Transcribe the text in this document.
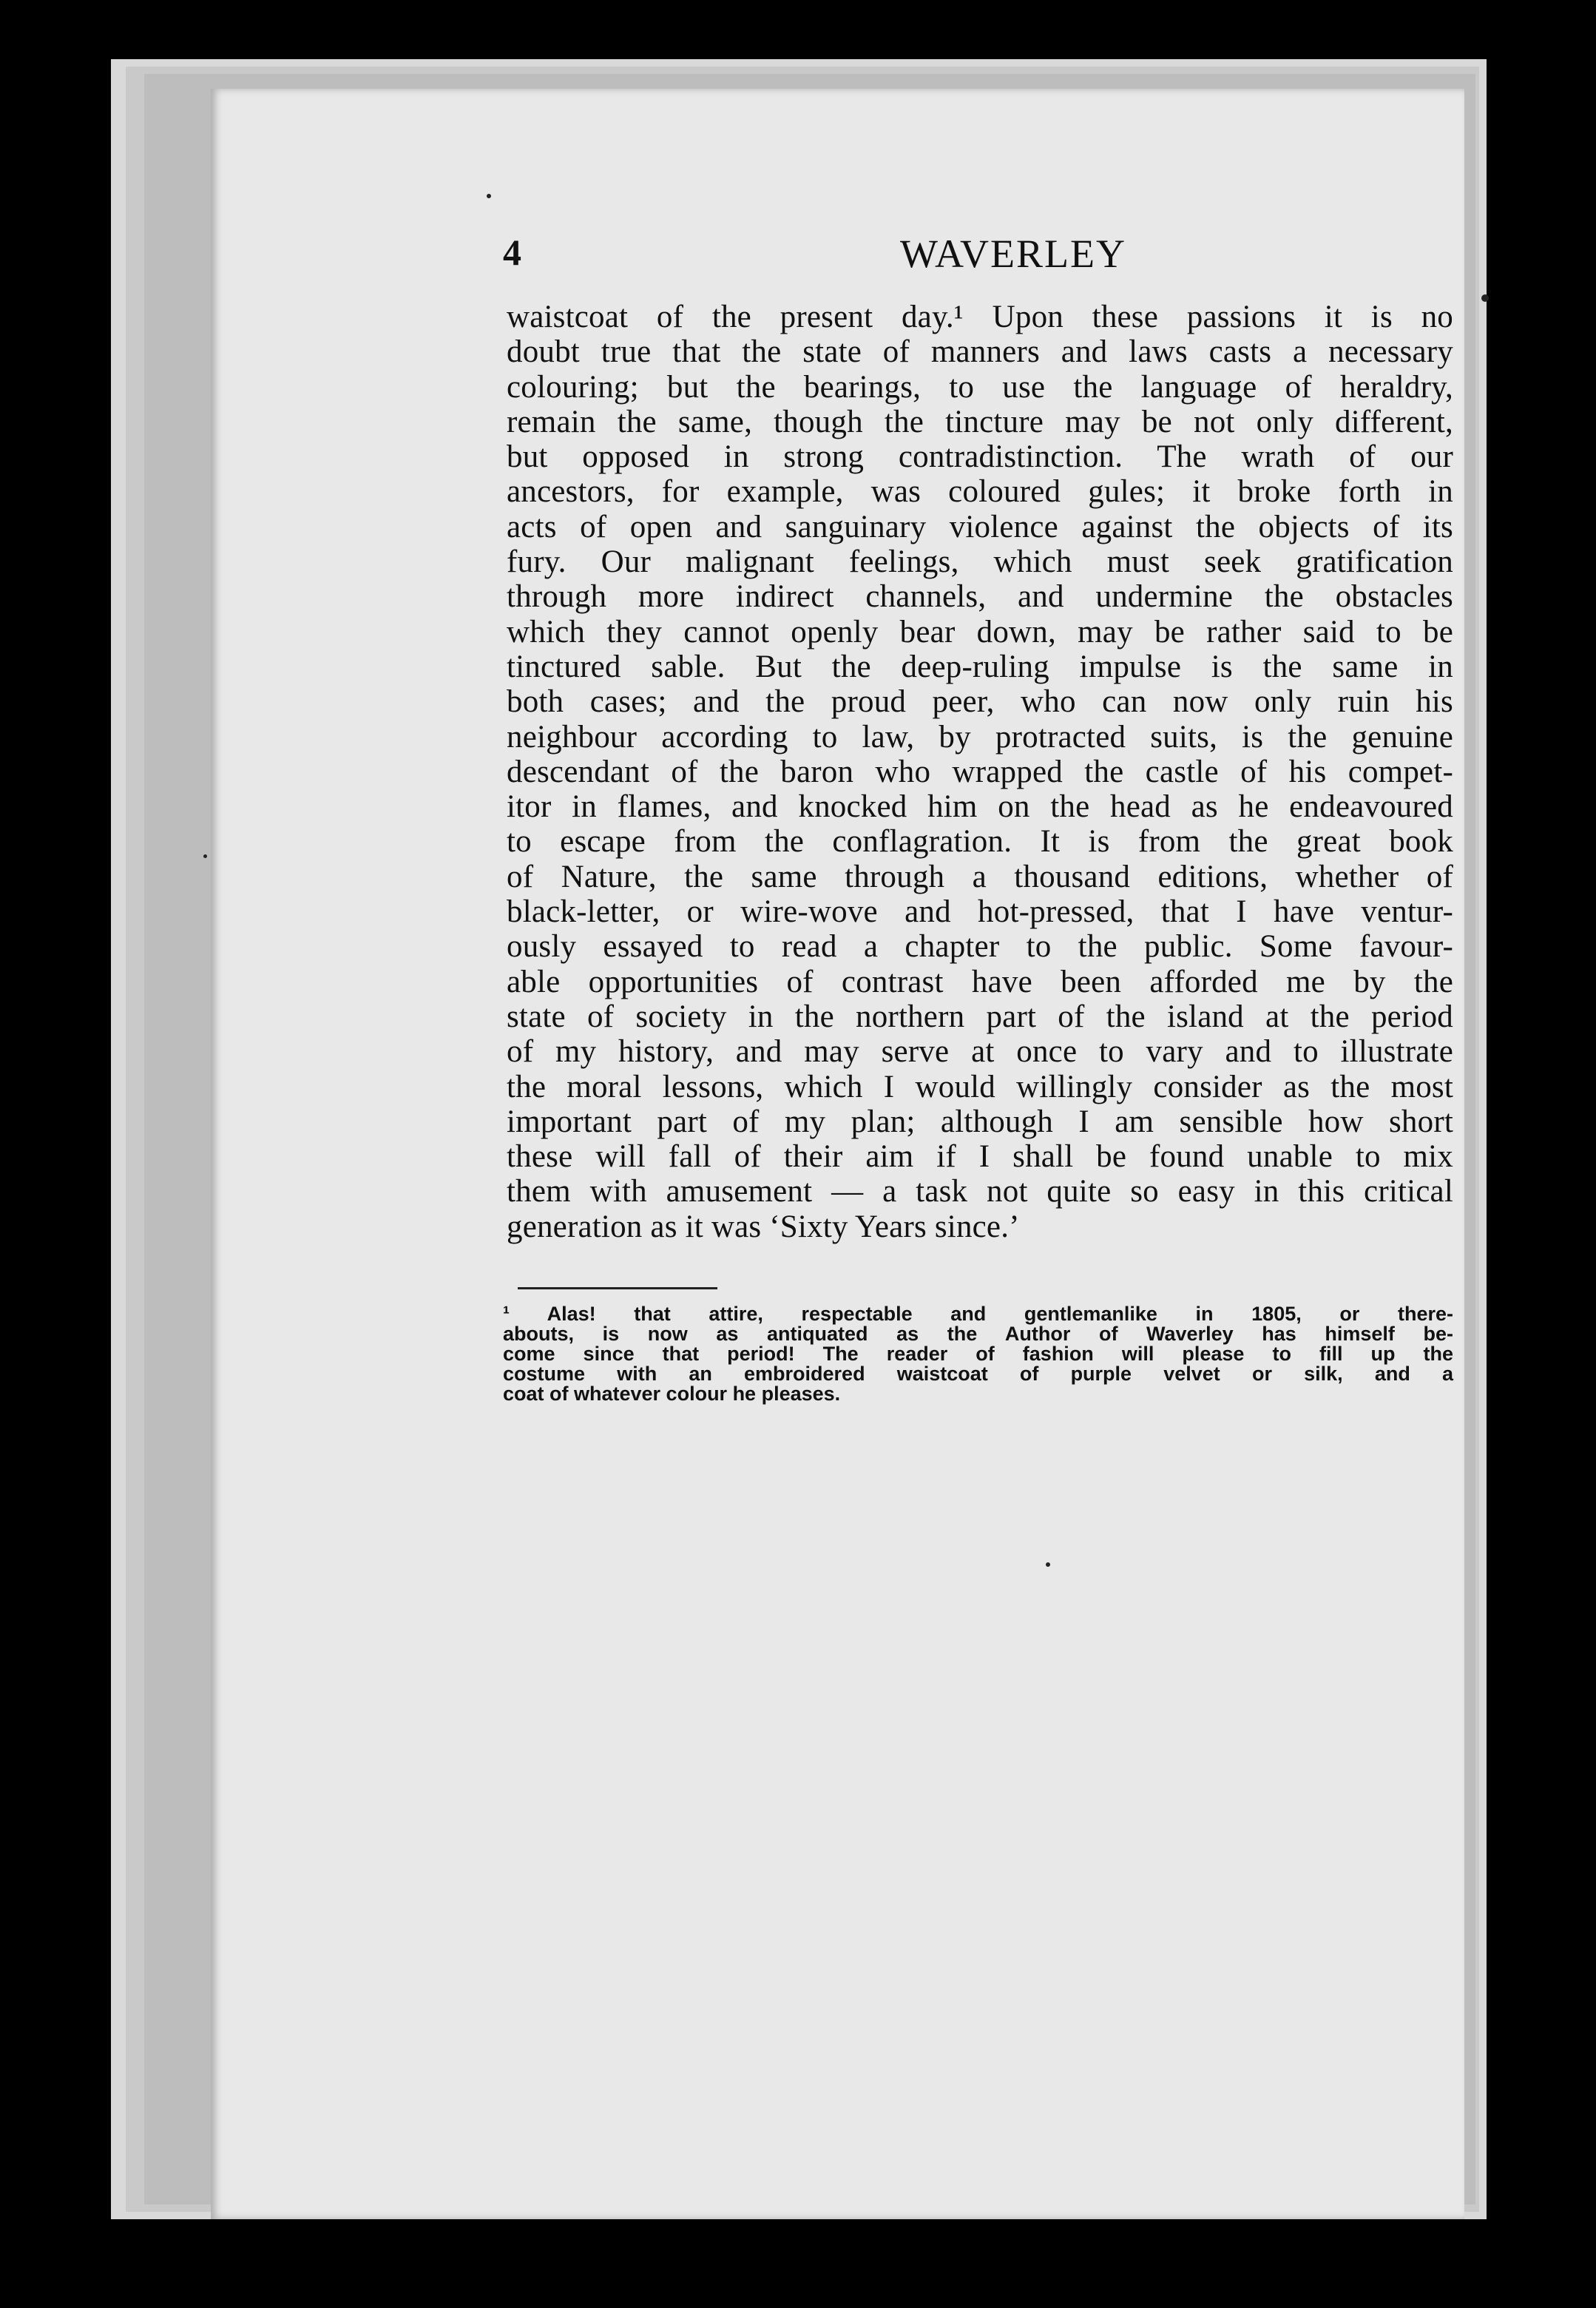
4	WAVERLEY
waistcoat of the present day.¹ Upon these passions it is no
doubt true that the state of manners and laws casts a necessary
colouring; but the bearings, to use the language of heraldry,
remain the same, though the tincture may be not only different,
but opposed in strong contradistinction. The wrath of our
ancestors, for example, was coloured gules; it broke forth in
acts of open and sanguinary violence against the objects of its
fury. Our malignant feelings, which must seek gratification
through more indirect channels, and undermine the obstacles
which they cannot openly bear down, may be rather said to be
tinctured sable. But the deep-ruling impulse is the same in
both cases; and the proud peer, who can now only ruin his
neighbour according to law, by protracted suits, is the genuine
descendant of the baron who wrapped the castle of his compet-
itor in flames, and knocked him on the head as he endeavoured
to escape from the conflagration. It is from the great book
of Nature, the same through a thousand editions, whether of
black-letter, or wire-wove and hot-pressed, that I have ventur-
ously essayed to read a chapter to the public. Some favour-
able opportunities of contrast have been afforded me by the
state of society in the northern part of the island at the period
of my history, and may serve at once to vary and to illustrate
the moral lessons, which I would willingly consider as the most
important part of my plan; although I am sensible how short
these will fall of their aim if I shall be found unable to mix
them with amusement — a task not quite so easy in this critical
generation as it was ‘Sixty Years since.’
¹ Alas! that attire, respectable and gentlemanlike in 1805, or there-
abouts, is now as antiquated as the Author of Waverley has himself be-
come since that period! The reader of fashion will please to fill up the
costume with an embroidered waistcoat of purple velvet or silk, and a
coat of whatever colour he pleases.
